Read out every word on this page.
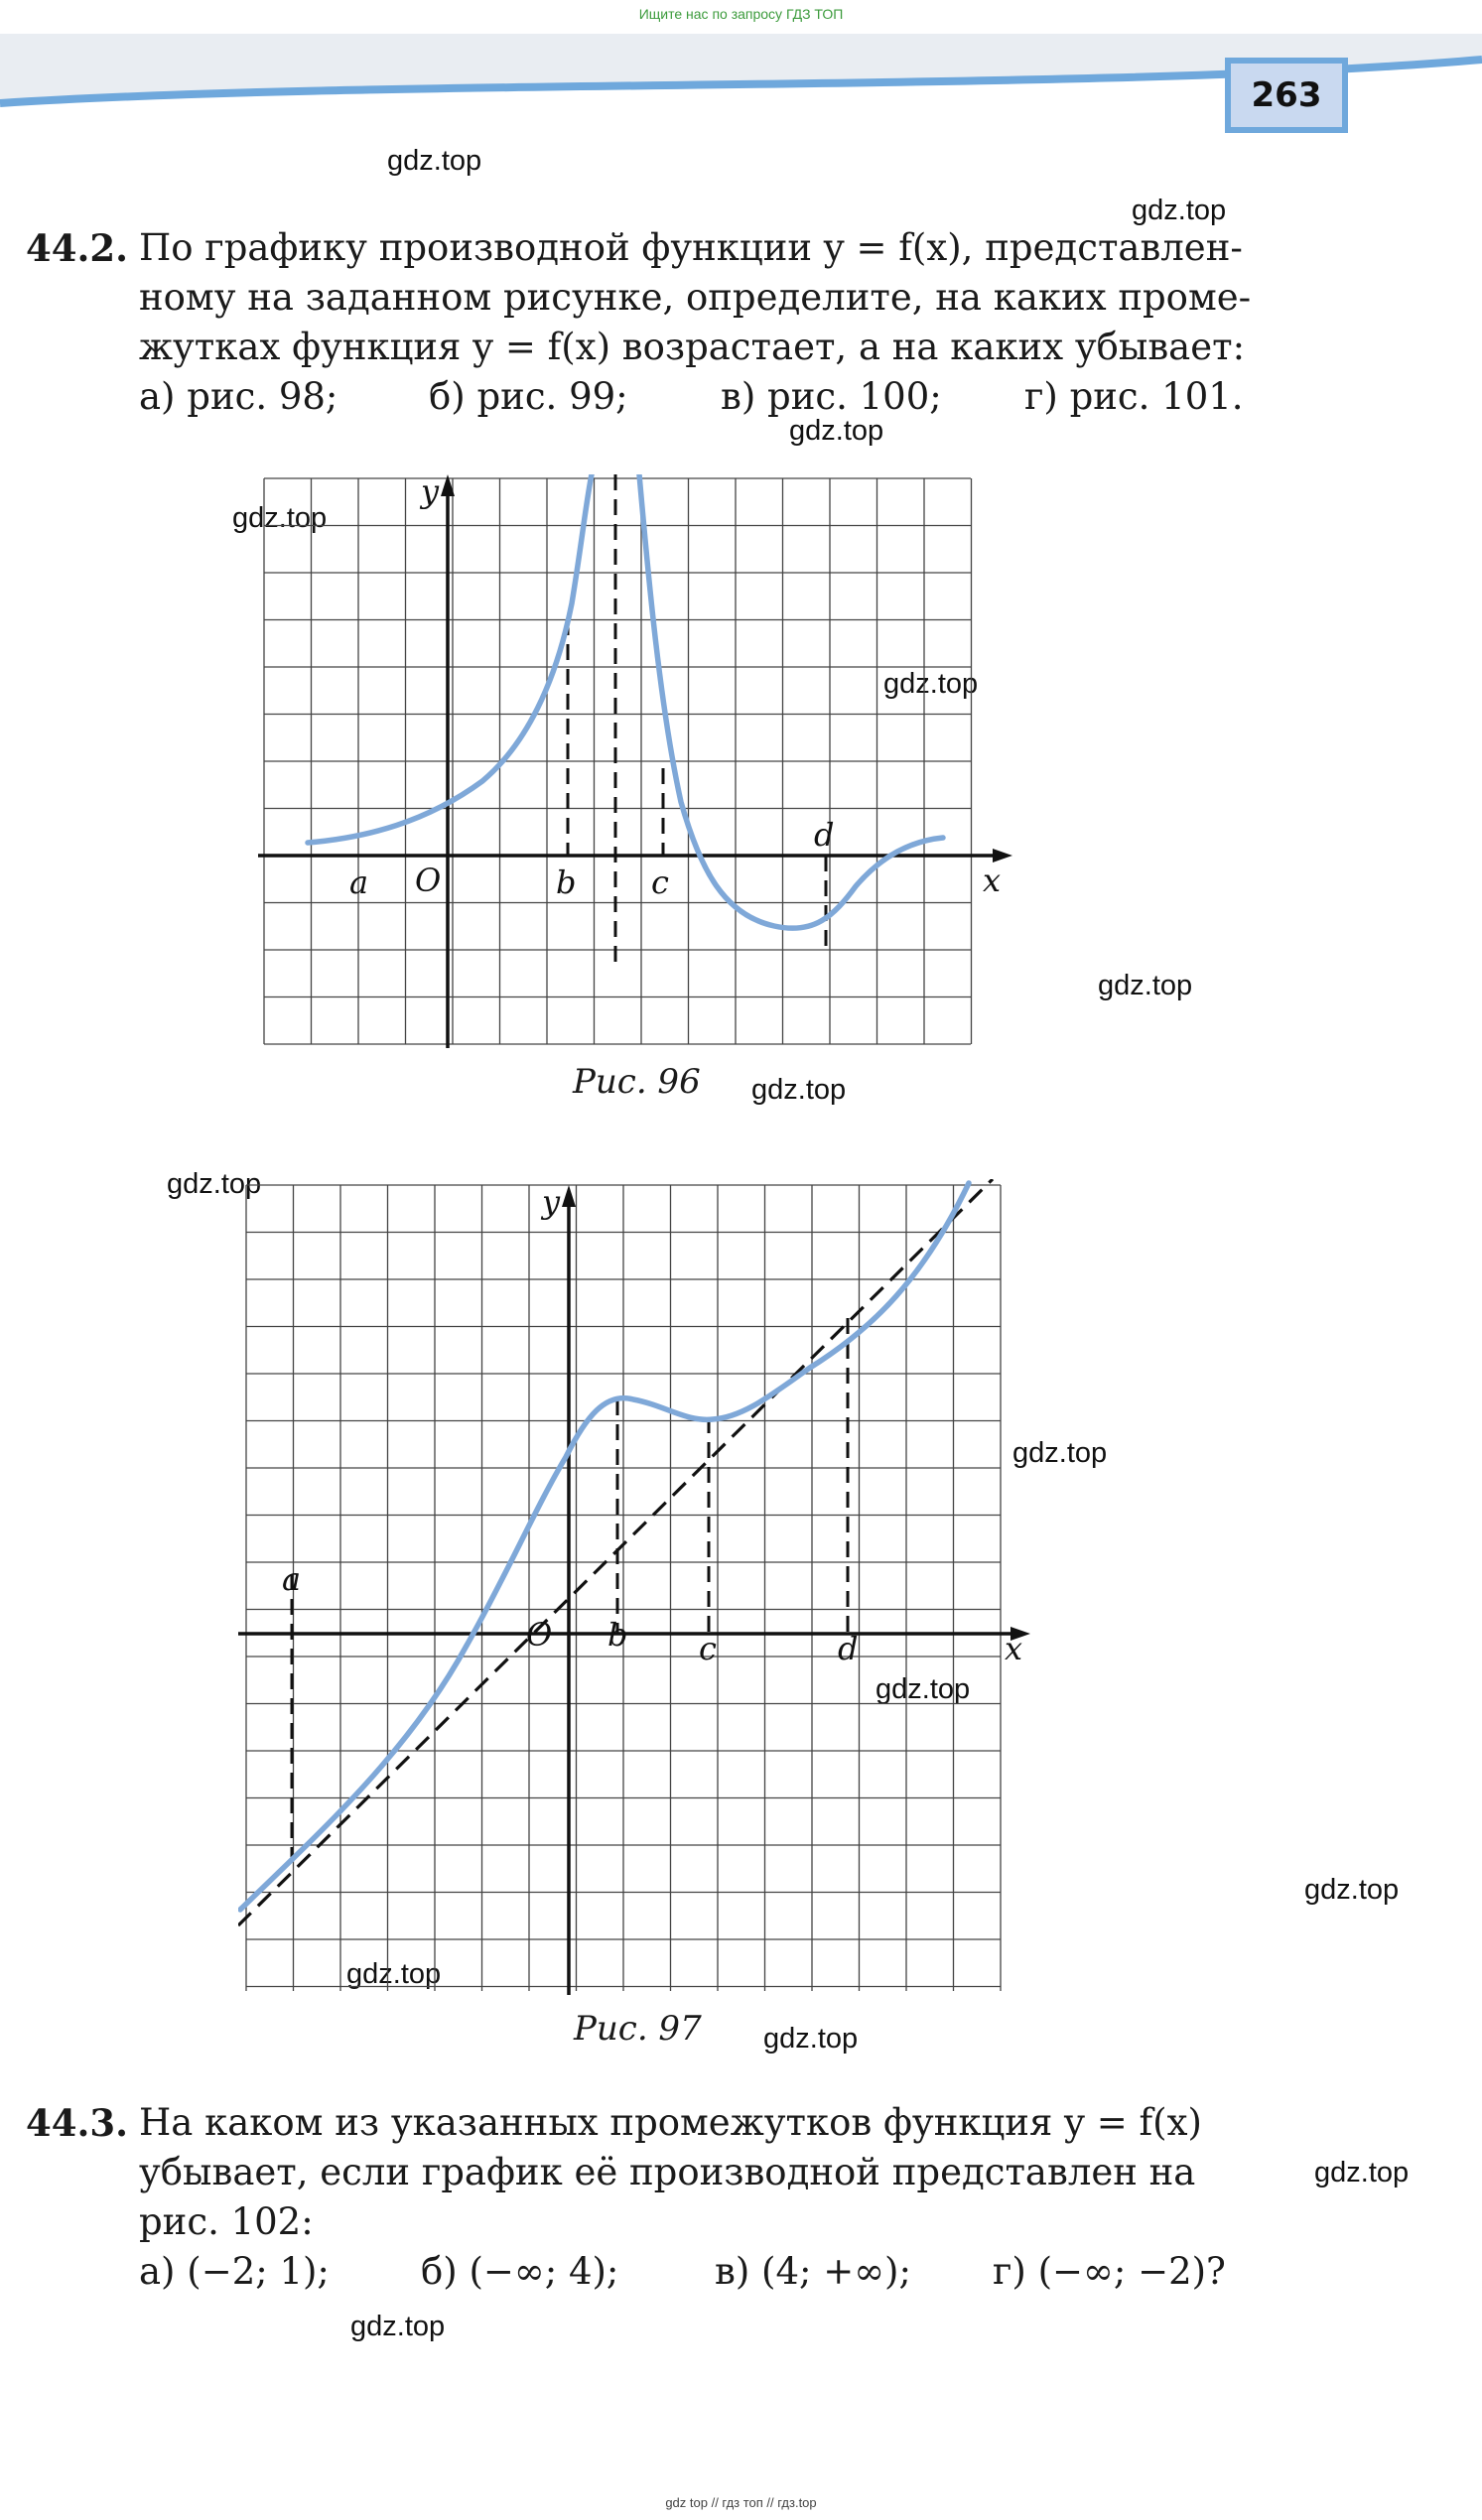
Ищите нас по запросу ГДЗ ТОП
263
gdz.top
gdz.top
gdz.top
gdz.top
gdz.top
gdz.top
gdz.top
gdz.top
gdz.top
gdz.top
gdz.top
gdz.top
gdz.top
gdz.top
gdz.top
44.2. По графику производной функции y = f(x), представлен-
ному на заданном рисунке, определите, на каких проме-
жутках функция y = f(x) возрастает, а на каких убывает:
а) рис. 98; б) рис. 99;	в) рис. 100; г) рис. 101.
y
x
O
a	b c
d
Рис. 96
y
x
O
a
b c	d
Рис. 97
44.3. На каком из указанных промежутков функция y = f(x)
убывает, если график её производной представлен на
рис. 102:
а) (−2; 1); б) (−∞; 4);	в) (4; +∞); г) (−∞; −2)?
gdz top // гдз топ // гдз.top
